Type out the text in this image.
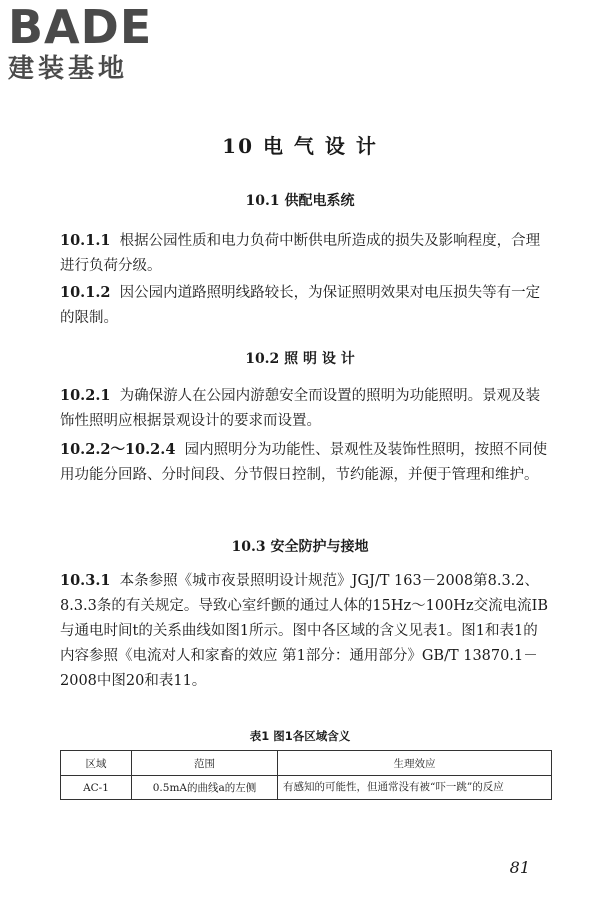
BADE
建装基地
10 电 气 设 计
10.1 供配电系统

10.1.1 根据公园性质和电力负荷中断供电所造成的损失及影响程度，合理进行负荷分级。

10.1.2 因公园内道路照明线路较长，为保证照明效果对电压损失等有一定的限制。

10.2 照 明 设 计

10.2.1 为确保游人在公园内游憩安全而设置的照明为功能照明。景观及装饰性照明应根据景观设计的要求而设置。

10.2.2～10.2.4 园内照明分为功能性、景观性及装饰性照明，按照不同使用功能分回路、分时间段、分节假日控制，节约能源，并便于管理和维护。

10.3 安全防护与接地

10.3.1 本条参照《城市夜景照明设计规范》JGJ/T 163－2008第8.3.2、8.3.3条的有关规定。导致心室纤颤的通过人体的15Hz～100Hz交流电流IB与通电时间t的关系曲线如图1所示。图中各区域的含义见表1。图1和表1的内容参照《电流对人和家畜的效应 第1部分：通用部分》GB/T 13870.1－2008中图20和表11。

表1 图1各区域含义
区域	范围	生理效应
AC-1	0.5mA的曲线a的左侧	有感知的可能性，但通常没有被“吓一跳”的反应
81
